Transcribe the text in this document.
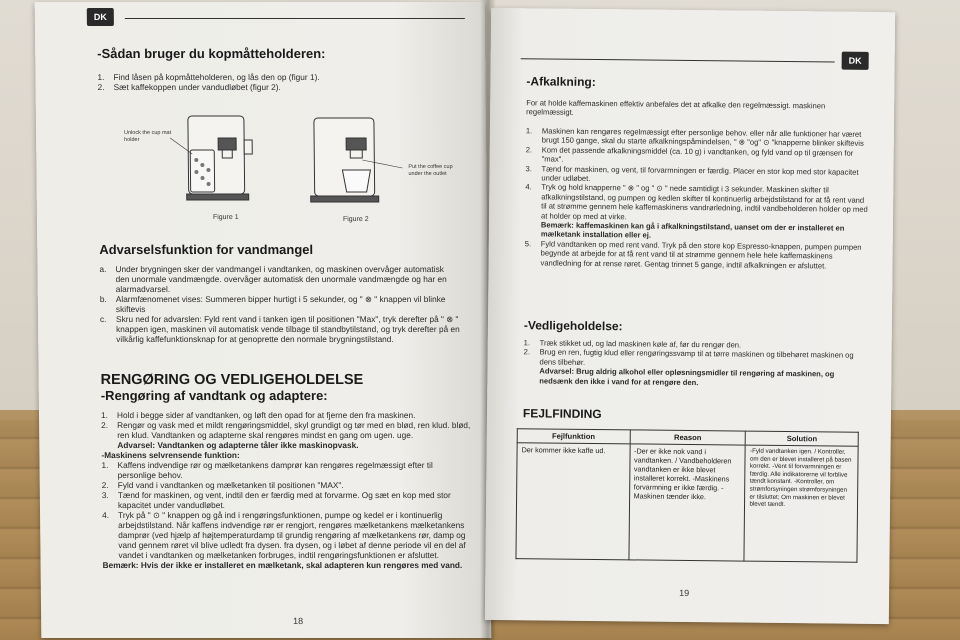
DK
-Sådan bruger du kopmåtteholderen:
1. Find låsen på kopmåtteholderen, og lås den op (figur 1).
2. Sæt kaffekoppen under vandudløbet (figur 2).
Unlock the cup mat holder
Figure 1
Put the coffee cup under the outlet
Figure 2
Advarselsfunktion for vandmangel
a. Under brygningen sker der vandmangel i vandtanken, og maskinen overvåger automatisk den unormale vandmængde. overvåger automatisk den unormale vandmængde og har en alarmadvarsel.
b. Alarmfænomenet vises: Summeren bipper hurtigt i 5 sekunder, og " ⊗ " knappen vil blinke skiftevis
c. Skru ned for advarslen: Fyld rent vand i tanken igen til positionen "Max", tryk derefter på " ⊗ " knappen igen, maskinen vil automatisk vende tilbage til standbytilstand, og tryk derefter på en vilkårlig kaffefunktionsknap for at genoprette den normale brygningstilstand.
RENGØRING OG VEDLIGEHOLDELSE
-Rengøring af vandtank og adaptere:
1. Hold i begge sider af vandtanken, og løft den opad for at fjerne den fra maskinen.
2. Rengør og vask med et mildt rengøringsmiddel, skyl grundigt og tør med en blød, ren klud. blød, ren klud. Vandtanken og adapterne skal rengøres mindst en gang om ugen. uge.
Advarsel: Vandtanken og adapterne tåler ikke maskinopvask.
-Maskinens selvrensende funktion:
1. Kaffens indvendige rør og mælketankens damprør kan rengøres regelmæssigt efter til personlige behov.
2. Fyld vand i vandtanken og mælketanken til positionen "MAX".
3. Tænd for maskinen, og vent, indtil den er færdig med at forvarme. Og sæt en kop med stor kapacitet under vandudløbet.
4. Tryk på " ⊙ " knappen og gå ind i rengøringsfunktionen, pumpe og kedel er i kontinuerlig arbejdstilstand. Når kaffens indvendige rør er rengjort, rengøres mælketankens mælketankens damprør (ved hjælp af højtemperaturdamp til grundig rengøring af mælketankens rør, damp og vand gennem røret vil blive udledt fra dysen. fra dysen, og i løbet af denne periode vil en del af vandet i vandtanken og mælketanken forbruges, indtil rengøringsfunktionen er afsluttet.
Bemærk: Hvis der ikke er installeret en mælketank, skal adapteren kun rengøres med vand.
18
DK
-Afkalkning:
For at holde kaffemaskinen effektiv anbefales det at afkalke den regelmæssigt. maskinen regelmæssigt.
1. Maskinen kan rengøres regelmæssigt efter personlige behov. eller når alle funktioner har været brugt 150 gange, skal du starte afkalkningspåmindelsen, " ⊗ "og" ⊙ "knapperne blinker skiftevis
2. Kom det passende afkalkningsmiddel (ca. 10 g) i vandtanken, og fyld vand op til grænsen for "max".
3. Tænd for maskinen, og vent, til forvarmningen er færdig. Placer en stor kop med stor kapacitet under udløbet.
4. Tryk og hold knapperne " ⊗ " og " ⊙ " nede samtidigt i 3 sekunder. Maskinen skifter til afkalkningstilstand, og pumpen og kedlen skifter til kontinuerlig arbejdstilstand for at få rent vand til at strømme gennem hele kaffemaskinens vandrørledning, indtil vandbeholderen holder op med at holder op med at virke.
Bemærk: kaffemaskinen kan gå i afkalkningstilstand, uanset om der er installeret en mælketank installation eller ej.
5. Fyld vandtanken op med rent vand. Tryk på den store kop Espresso-knappen, pumpen pumpen begynde at arbejde for at få rent vand til at strømme gennem hele hele kaffemaskinens vandledning for at rense røret. Gentag trinnet 5 gange, indtil afkalkningen er afsluttet.
-Vedligeholdelse:
1. Træk stikket ud, og lad maskinen køle af, før du rengør den.
2. Brug en ren, fugtig klud eller rengøringssvamp til at tørre maskinen og tilbehøret maskinen og dens tilbehør.
Advarsel: Brug aldrig alkohol eller opløsningsmidler til rengøring af maskinen, og nedsænk den ikke i vand for at rengøre den.
FEJLFINDING
Fejlfunktion	Reason	Solution
Der kommer ikke kaffe ud.	-Der er ikke nok vand i vandtanken. / Vandbeholderen vandtanken er ikke blevet installeret korrekt. -Maskinens forvarmning er ikke færdig. -Maskinen tænder ikke.	-Fyld vandtanken igen. / Kontroller, om den er blevet installeret på basen korrekt. -Vent til forvarmningen er færdig. Alle indikatorerne vil forblive tændt konstant. -Kontroller, om strømforsyningen strømforsyningen er tilsluttet; Om maskinen er blevet blevet tændt.
19
